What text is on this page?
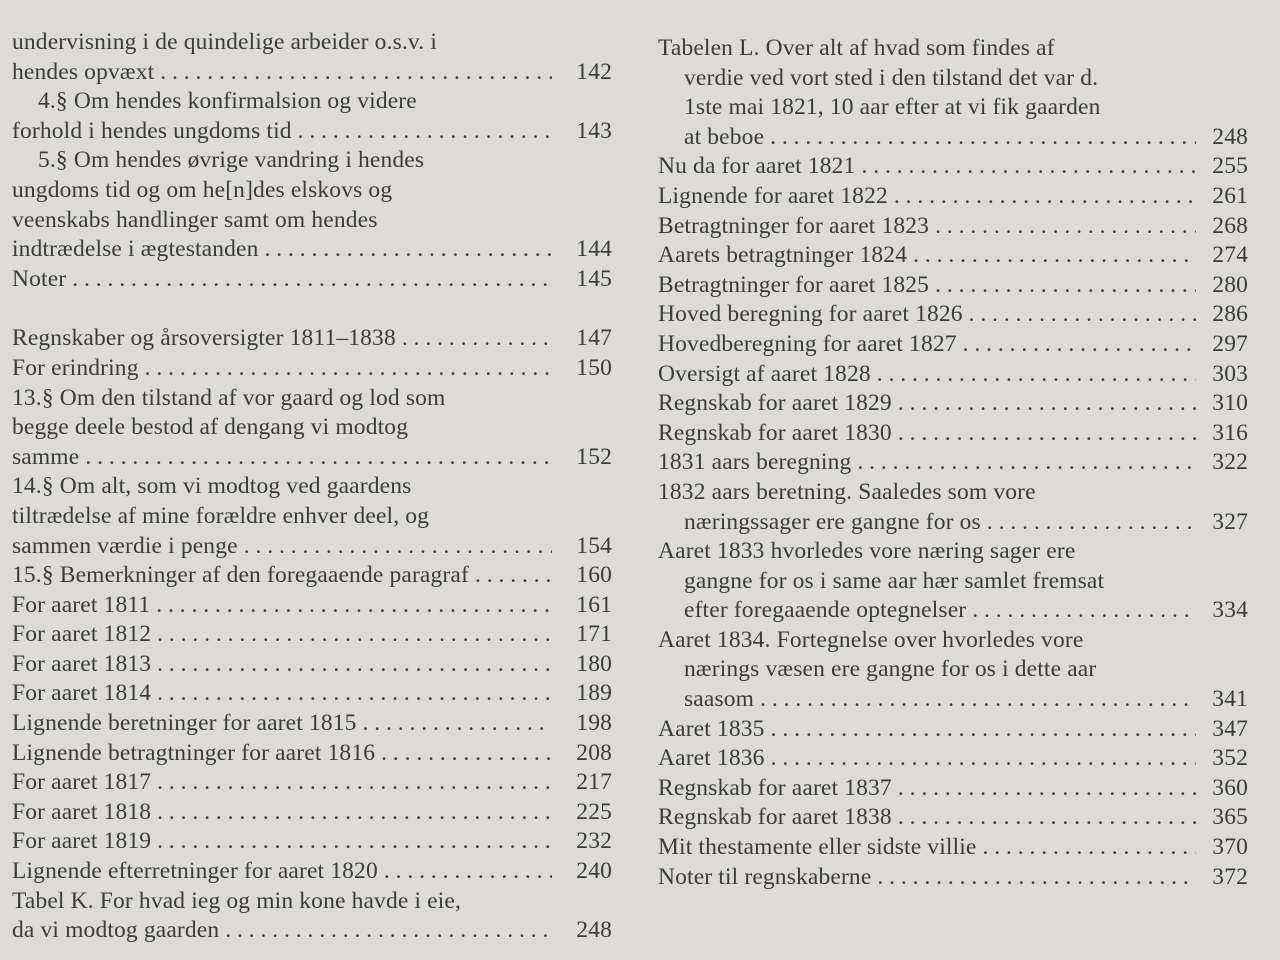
undervisning i de quindelige arbeider o.s.v. i
hendes opvæxt . . .	142
4.§ Om hendes konfirmalsion og videre
forhold i hendes ungdoms tid . . .	143
5.§ Om hendes øvrige vandring i hendes
ungdoms tid og om he[n]des elskovs og
veenskabs handlinger samt om hendes
indtrædelse i ægtestanden . . .	144
Noter . . .	145
Regnskaber og årsoversigter 1811–1838 . . .	147
For erindring . . .	150
13.§ Om den tilstand af vor gaard og lod som
begge deele bestod af dengang vi modtog
samme . . .	152
14.§ Om alt, som vi modtog ved gaardens
tiltrædelse af mine forældre enhver deel, og
sammen værdie i penge . . .	154
15.§ Bemerkninger af den foregaaende paragraf . . .	160
For aaret 1811 . . .	161
For aaret 1812 . . .	171
For aaret 1813 . . .	180
For aaret 1814 . . .	189
Lignende beretninger for aaret 1815 . . .	198
Lignende betragtninger for aaret 1816 . . .	208
For aaret 1817 . . .	217
For aaret 1818 . . .	225
For aaret 1819 . . .	232
Lignende efterretninger for aaret 1820 . . .	240
Tabel K. For hvad ieg og min kone havde i eie,
da vi modtog gaarden . . .	248
Tabelen L. Over alt af hvad som findes af
verdie ved vort sted i den tilstand det var d.
1ste mai 1821, 10 aar efter at vi fik gaarden
at beboe . . .	248
Nu da for aaret 1821 . . .	255
Lignende for aaret 1822 . . .	261
Betragtninger for aaret 1823 . . .	268
Aarets betragtninger 1824 . . .	274
Betragtninger for aaret 1825 . . .	280
Hoved beregning for aaret 1826 . . .	286
Hovedberegning for aaret 1827 . . .	297
Oversigt af aaret 1828 . . .	303
Regnskab for aaret 1829 . . .	310
Regnskab for aaret 1830 . . .	316
1831 aars beregning . . .	322
1832 aars beretning. Saaledes som vore
næringssager ere gangne for os . . .	327
Aaret 1833 hvorledes vore næring sager ere
gangne for os i same aar hær samlet fremsat
efter foregaaende optegnelser . . .	334
Aaret 1834. Fortegnelse over hvorledes vore
nærings væsen ere gangne for os i dette aar
saasom . . .	341
Aaret 1835 . . .	347
Aaret 1836 . . .	352
Regnskab for aaret 1837 . . .	360
Regnskab for aaret 1838 . . .	365
Mit thestamente eller sidste villie . . .	370
Noter til regnskaberne . . .	372
